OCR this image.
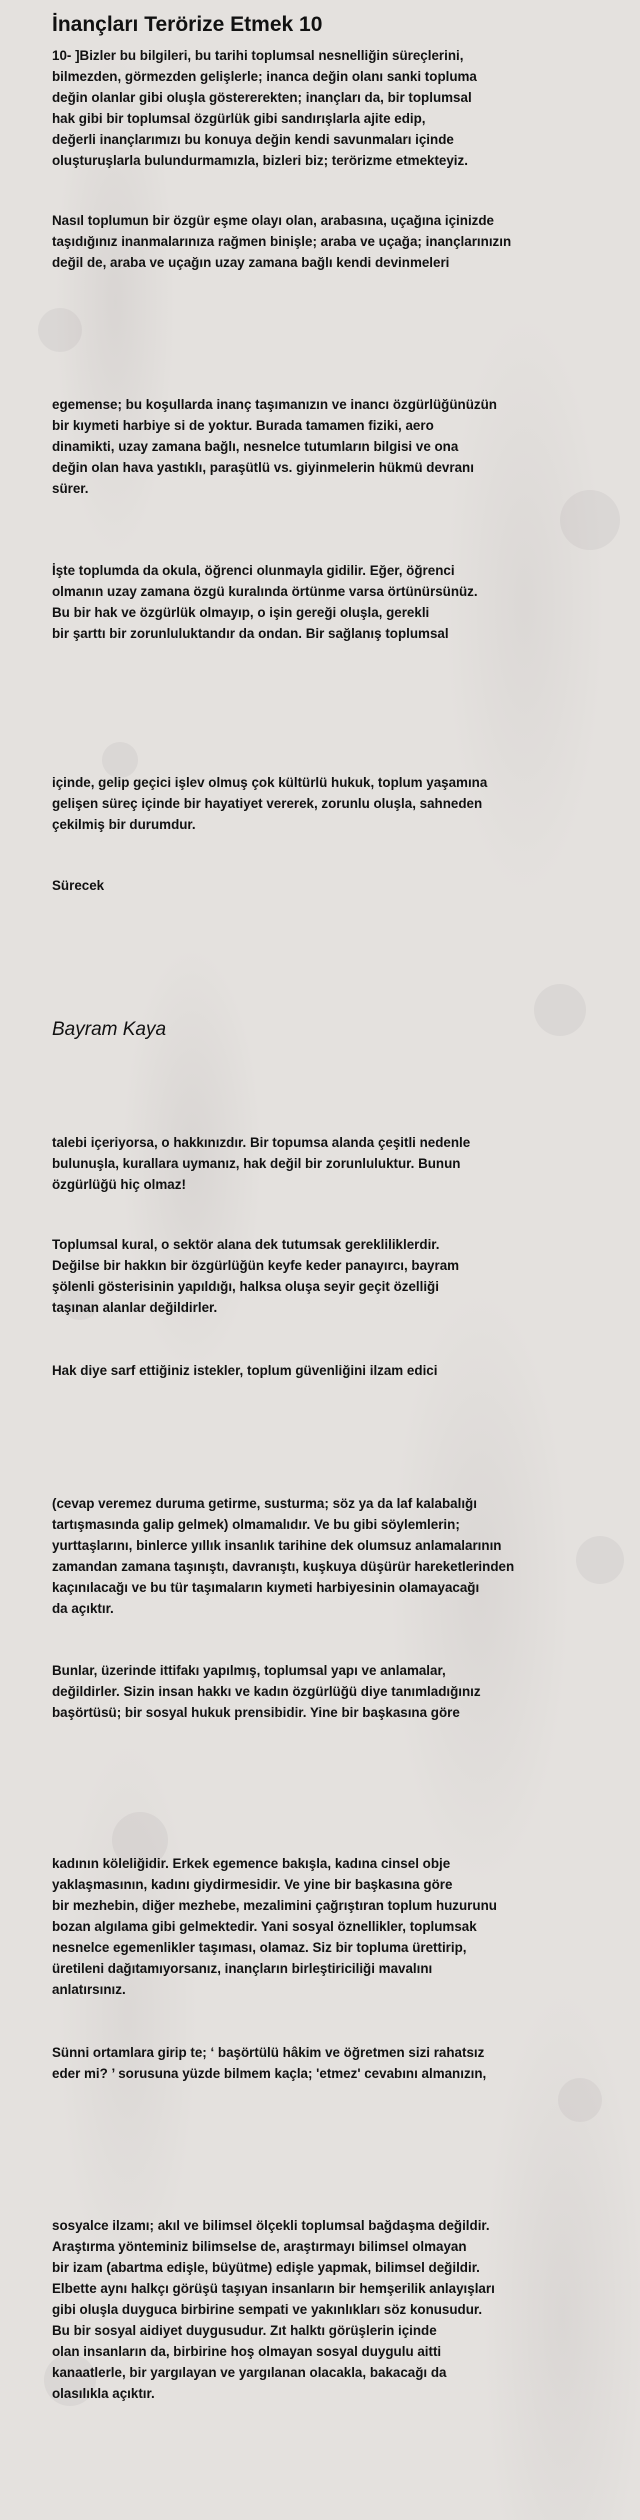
İnançları Terörize Etmek 10
10- ]Bizler bu bilgileri, bu tarihi toplumsal nesnelliğin süreçlerini,
bilmezden, görmezden gelişlerle; inanca değin olanı sanki topluma
değin olanlar gibi oluşla göstererekten; inançları da, bir toplumsal
hak gibi bir toplumsal özgürlük gibi sandırışlarla ajite edip,
değerli inançlarımızı bu konuya değin kendi savunmaları içinde
oluşturuşlarla bulundurmamızla, bizleri biz; terörizme etmekteyiz.
Nasıl toplumun bir özgür eşme olayı olan, arabasına, uçağına içinizde
taşıdığınız inanmalarınıza rağmen binişle; araba ve uçağa; inançlarınızın
değil de, araba ve uçağın uzay zamana bağlı kendi devinmeleri
egemense; bu koşullarda inanç taşımanızın ve inancı özgürlüğünüzün
bir kıymeti harbiye si de yoktur. Burada tamamen fiziki, aero
dinamikti, uzay zamana bağlı, nesnelce tutumların bilgisi ve ona
değin olan hava yastıklı, paraşütlü vs. giyinmelerin hükmü devranı
sürer.
İşte toplumda da okula, öğrenci olunmayla gidilir. Eğer, öğrenci
olmanın uzay zamana özgü kuralında örtünme varsa örtünürsünüz.
Bu bir hak ve özgürlük olmayıp, o işin gereği oluşla, gerekli
bir şarttı bir zorunluluktandır da ondan. Bir sağlanış toplumsal
içinde, gelip geçici işlev olmuş çok kültürlü hukuk, toplum yaşamına
gelişen süreç içinde bir hayatiyet vererek, zorunlu oluşla, sahneden
çekilmiş bir durumdur.
Sürecek
Bayram Kaya
talebi içeriyorsa, o hakkınızdır. Bir topumsa alanda çeşitli nedenle
bulunuşla, kurallara uymanız, hak değil bir zorunluluktur. Bunun
özgürlüğü hiç olmaz!
Toplumsal kural, o sektör alana dek tutumsak gerekliliklerdir.
Değilse bir hakkın bir özgürlüğün keyfe keder panayırcı, bayram
şölenli gösterisinin yapıldığı, halksa oluşa seyir geçit özelliği
taşınan alanlar değildirler.
Hak diye sarf ettiğiniz istekler, toplum güvenliğini ilzam edici
(cevap veremez duruma getirme, susturma; söz ya da laf kalabalığı
tartışmasında galip gelmek) olmamalıdır. Ve bu gibi söylemlerin;
yurttaşlarını, binlerce yıllık insanlık tarihine dek olumsuz anlamalarının
zamandan zamana taşınıştı, davranıştı, kuşkuya düşürür hareketlerinden
kaçınılacağı ve bu tür taşımaların kıymeti harbiyesinin olamayacağı
da açıktır.
Bunlar, üzerinde ittifakı yapılmış, toplumsal yapı ve anlamalar,
değildirler. Sizin insan hakkı ve kadın özgürlüğü diye tanımladığınız
başörtüsü; bir sosyal hukuk prensibidir. Yine bir başkasına göre
kadının köleliğidir. Erkek egemence bakışla, kadına cinsel obje
yaklaşmasının, kadını giydirmesidir. Ve yine bir başkasına göre
bir mezhebin, diğer mezhebe, mezalimini çağrıştıran toplum huzurunu
bozan algılama gibi gelmektedir. Yani sosyal öznellikler, toplumsak
nesnelce egemenlikler taşıması, olamaz. Siz bir topluma ürettirip,
üretileni dağıtamıyorsanız, inançların birleştiriciliği mavalını
anlatırsınız.
Sünni ortamlara girip te; ‘ başörtülü hâkim ve öğretmen sizi rahatsız
eder mi? ’ sorusuna yüzde bilmem kaçla; 'etmez' cevabını almanızın,
sosyalce ilzamı; akıl ve bilimsel ölçekli toplumsal bağdaşma değildir.
Araştırma yönteminiz bilimselse de, araştırmayı bilimsel olmayan
bir izam (abartma edişle, büyütme) edişle yapmak, bilimsel değildir.
Elbette aynı halkçı görüşü taşıyan insanların bir hemşerilik anlayışları
gibi oluşla duyguca birbirine sempati ve yakınlıkları söz konusudur.
Bu bir sosyal aidiyet duygusudur. Zıt halktı görüşlerin içinde
olan insanların da, birbirine hoş olmayan sosyal duygulu aitti
kanaatlerle, bir yargılayan ve yargılanan olacakla, bakacağı da
olasılıkla açıktır.
